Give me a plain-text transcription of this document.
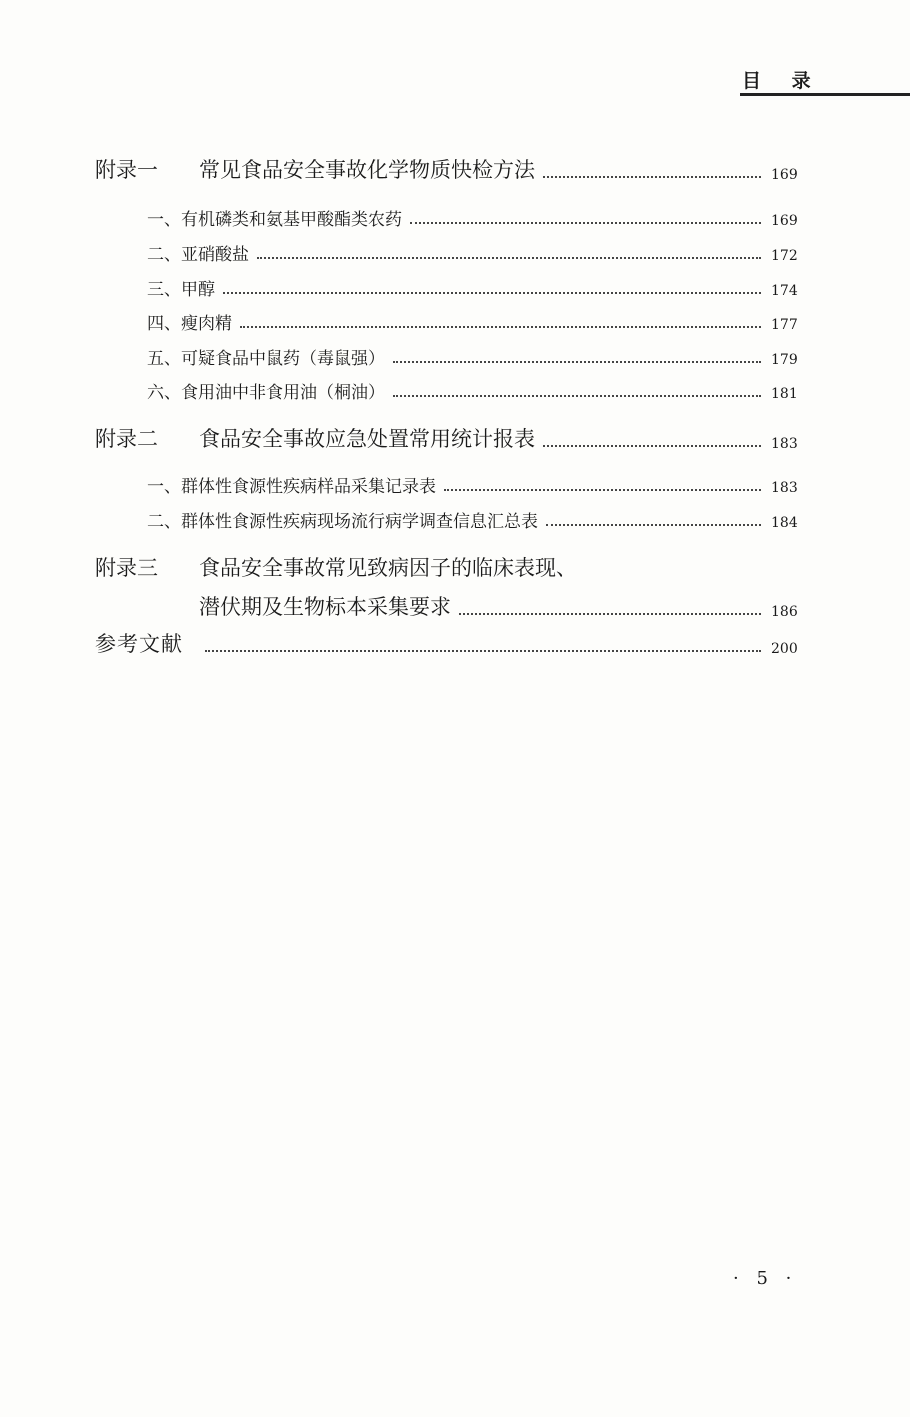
目 录
附录一 常见食品安全事故化学物质快检方法	169
一、有机磷类和氨基甲酸酯类农药	169
二、亚硝酸盐	172
三、甲醇	174
四、瘦肉精	177
五、可疑食品中鼠药（毒鼠强）	179
六、食用油中非食用油（桐油）	181
附录二 食品安全事故应急处置常用统计报表	183
一、群体性食源性疾病样品采集记录表	183
二、群体性食源性疾病现场流行病学调查信息汇总表	184
附录三 食品安全事故常见致病因子的临床表现、
潜伏期及生物标本采集要求	186
参考文献	200
· 5 ·
